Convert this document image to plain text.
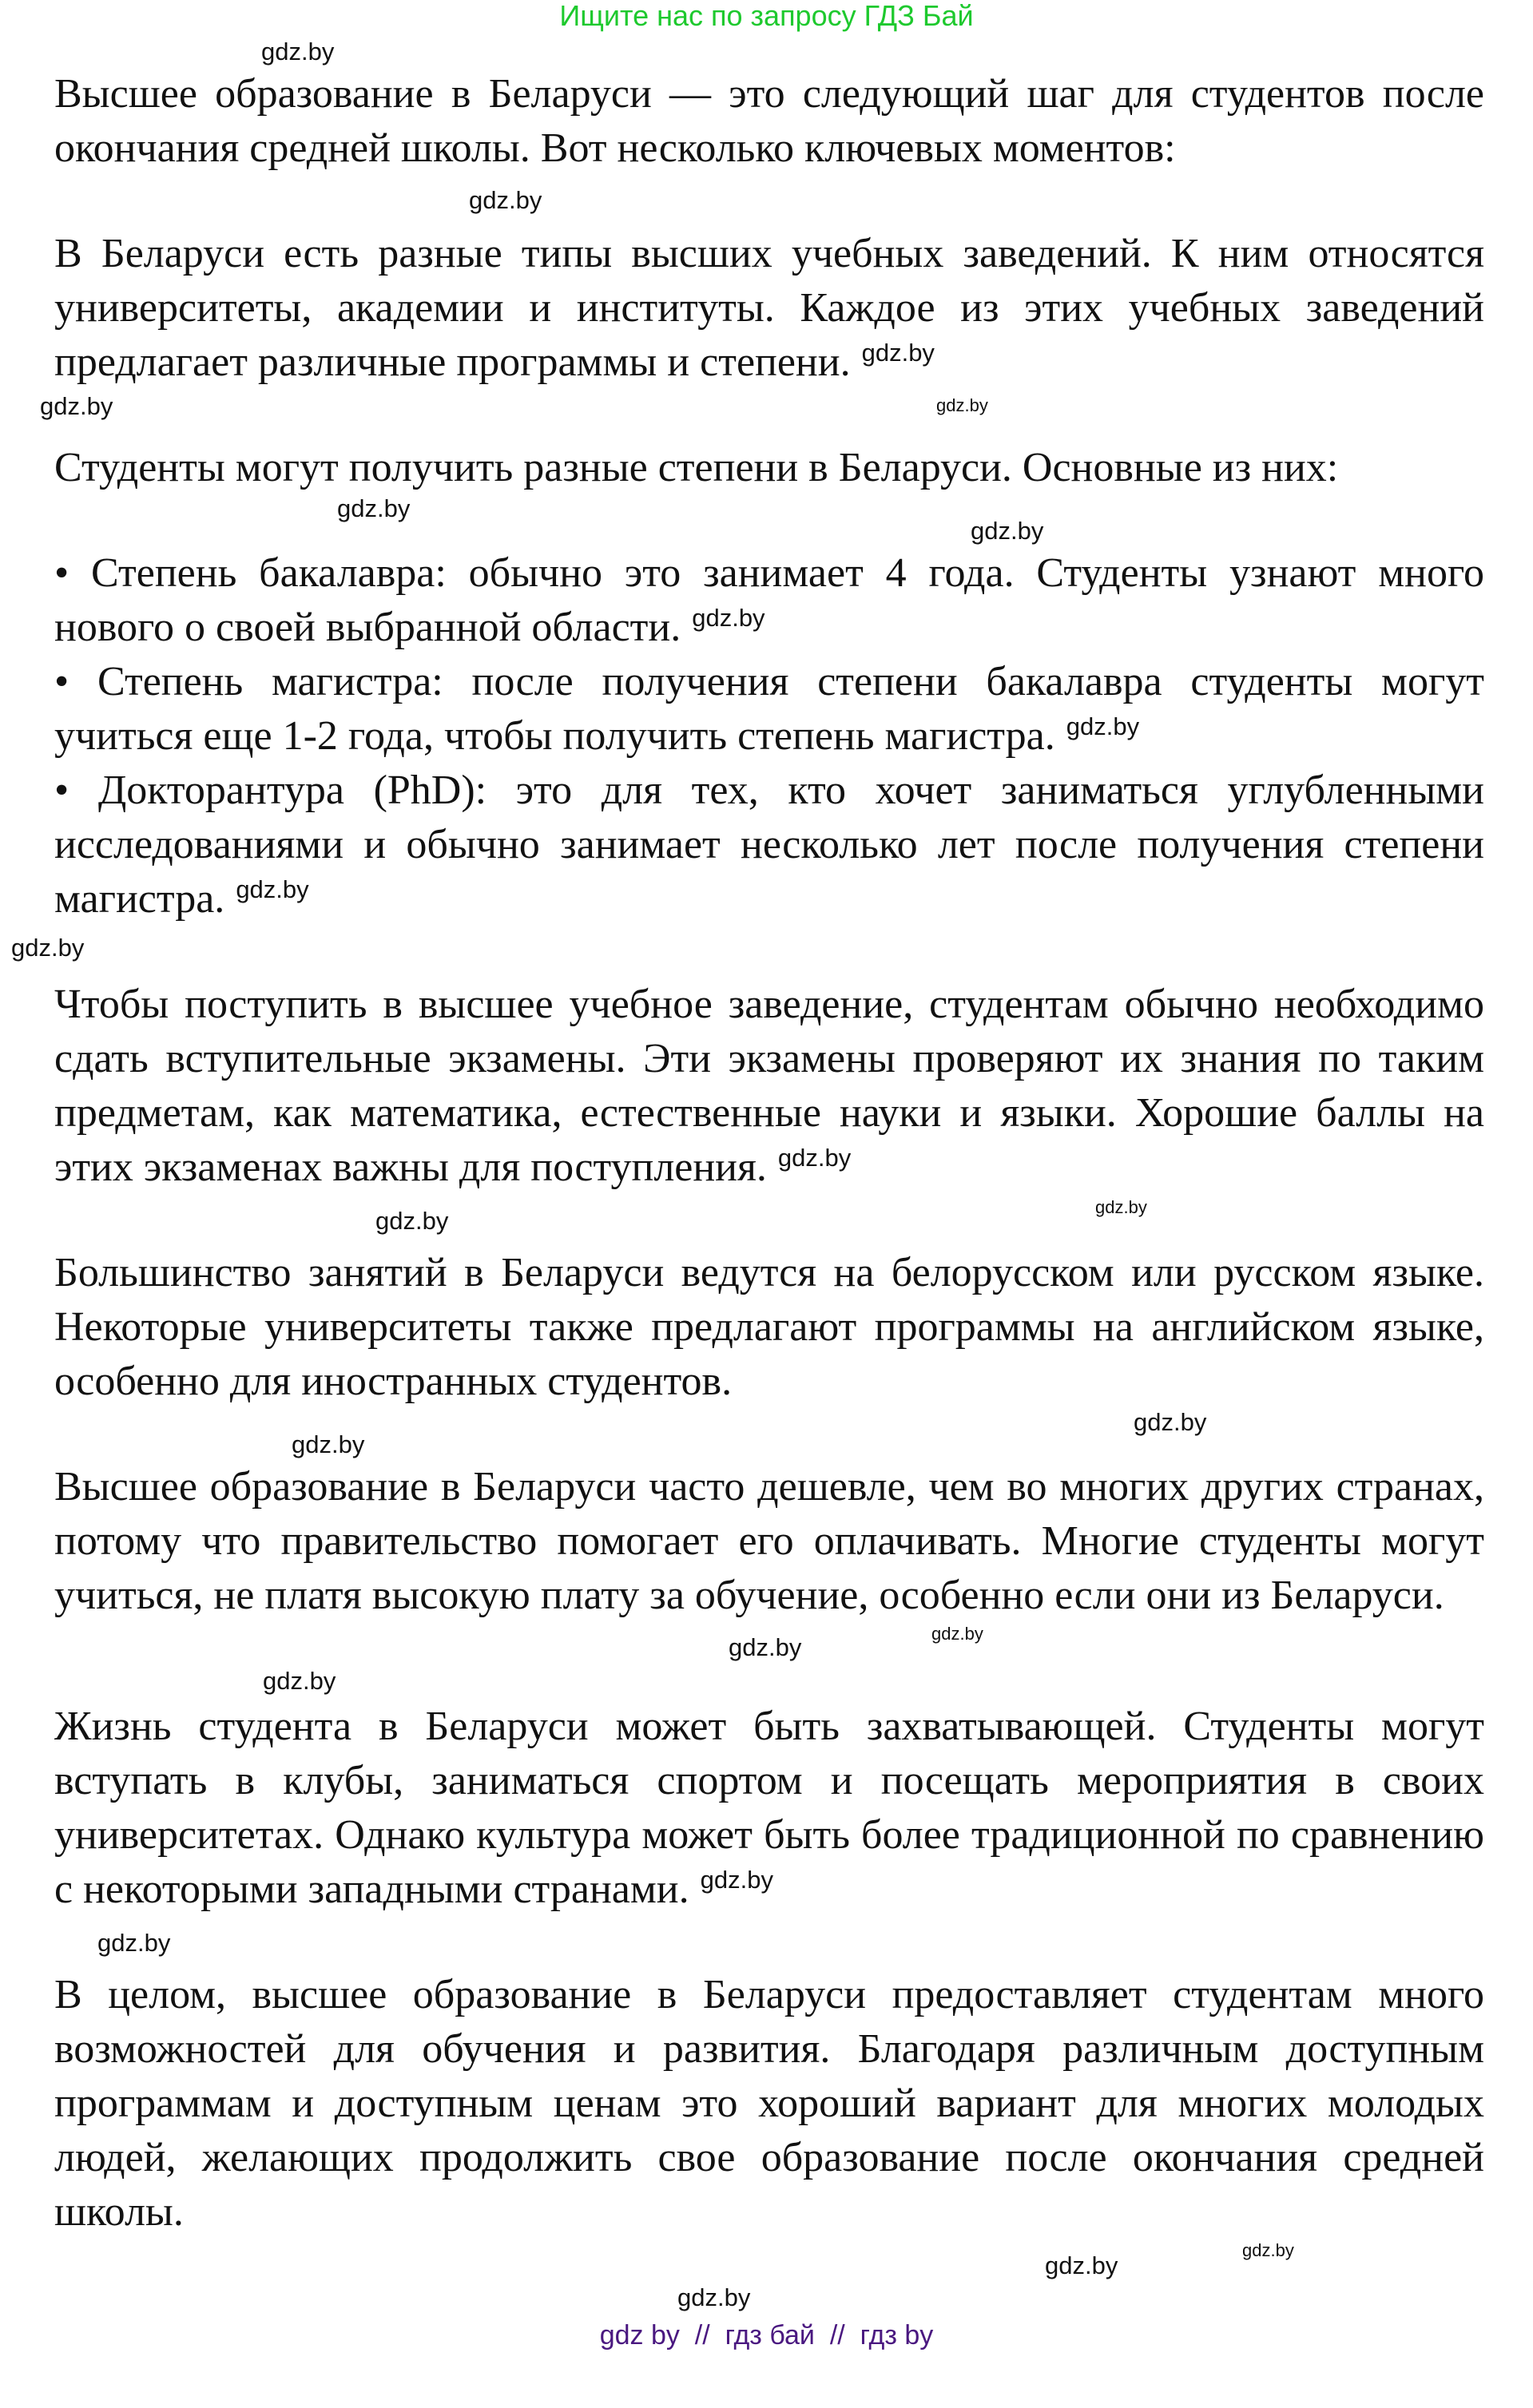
Ищите нас по запросу ГДЗ Бай
gdz.by

Высшее образование в Беларуси — это следующий шаг для студентов после окончания средней школы. Вот несколько ключевых моментов:

gdz.by

В Беларуси есть разные типы высших учебных заведений. К ним относятся университеты, академии и институты. Каждое из этих учебных заведений предлагает различные программы и степени. $^{gdz.by}$

gdz.by	gdz.by

Студенты могут получить разные степени в Беларуси. Основные из них:

gdz.by
gdz.by

• Степень бакалавра: обычно это занимает 4 года. Студенты узнают много нового о своей выбранной области. $^{gdz.by}$

• Степень магистра: после получения степени бакалавра студенты могут учиться еще 1-2 года, чтобы получить степень магистра. $^{gdz.by}$

• Докторантура (PhD): это для тех, кто хочет заниматься углубленными исследованиями и обычно занимает несколько лет после получения степени магистра. $^{gdz.by}$

gdz.by

Чтобы поступить в высшее учебное заведение, студентам обычно необходимо сдать вступительные экзамены. Эти экзамены проверяют их знания по таким предметам, как математика, естественные науки и языки. Хорошие баллы на этих экзаменах важны для поступления. $^{gdz.by}$

gdz.by	gdz.by

Большинство занятий в Беларуси ведутся на белорусском или русском языке. Некоторые университеты также предлагают программы на английском языке, особенно для иностранных студентов.

gdz.by
gdz.by

Высшее образование в Беларуси часто дешевле, чем во многих других странах, потому что правительство помогает его оплачивать. Многие студенты могут учиться, не платя высокую плату за обучение, особенно если они из Беларуси.

gdz.by
gdz.by
gdz.by

Жизнь студента в Беларуси может быть захватывающей. Студенты могут вступать в клубы, заниматься спортом и посещать мероприятия в своих университетах. Однако культура может быть более традиционной по сравнению с некоторыми западными странами. $^{gdz.by}$

gdz.by

В целом, высшее образование в Беларуси предоставляет студентам много возможностей для обучения и развития. Благодаря различным доступным программам и доступным ценам это хороший вариант для многих молодых людей, желающих продолжить свое образование после окончания средней школы.

gdz.by
gdz.by
gdz.by
gdz by  //  гдз бай  //  гдз by
